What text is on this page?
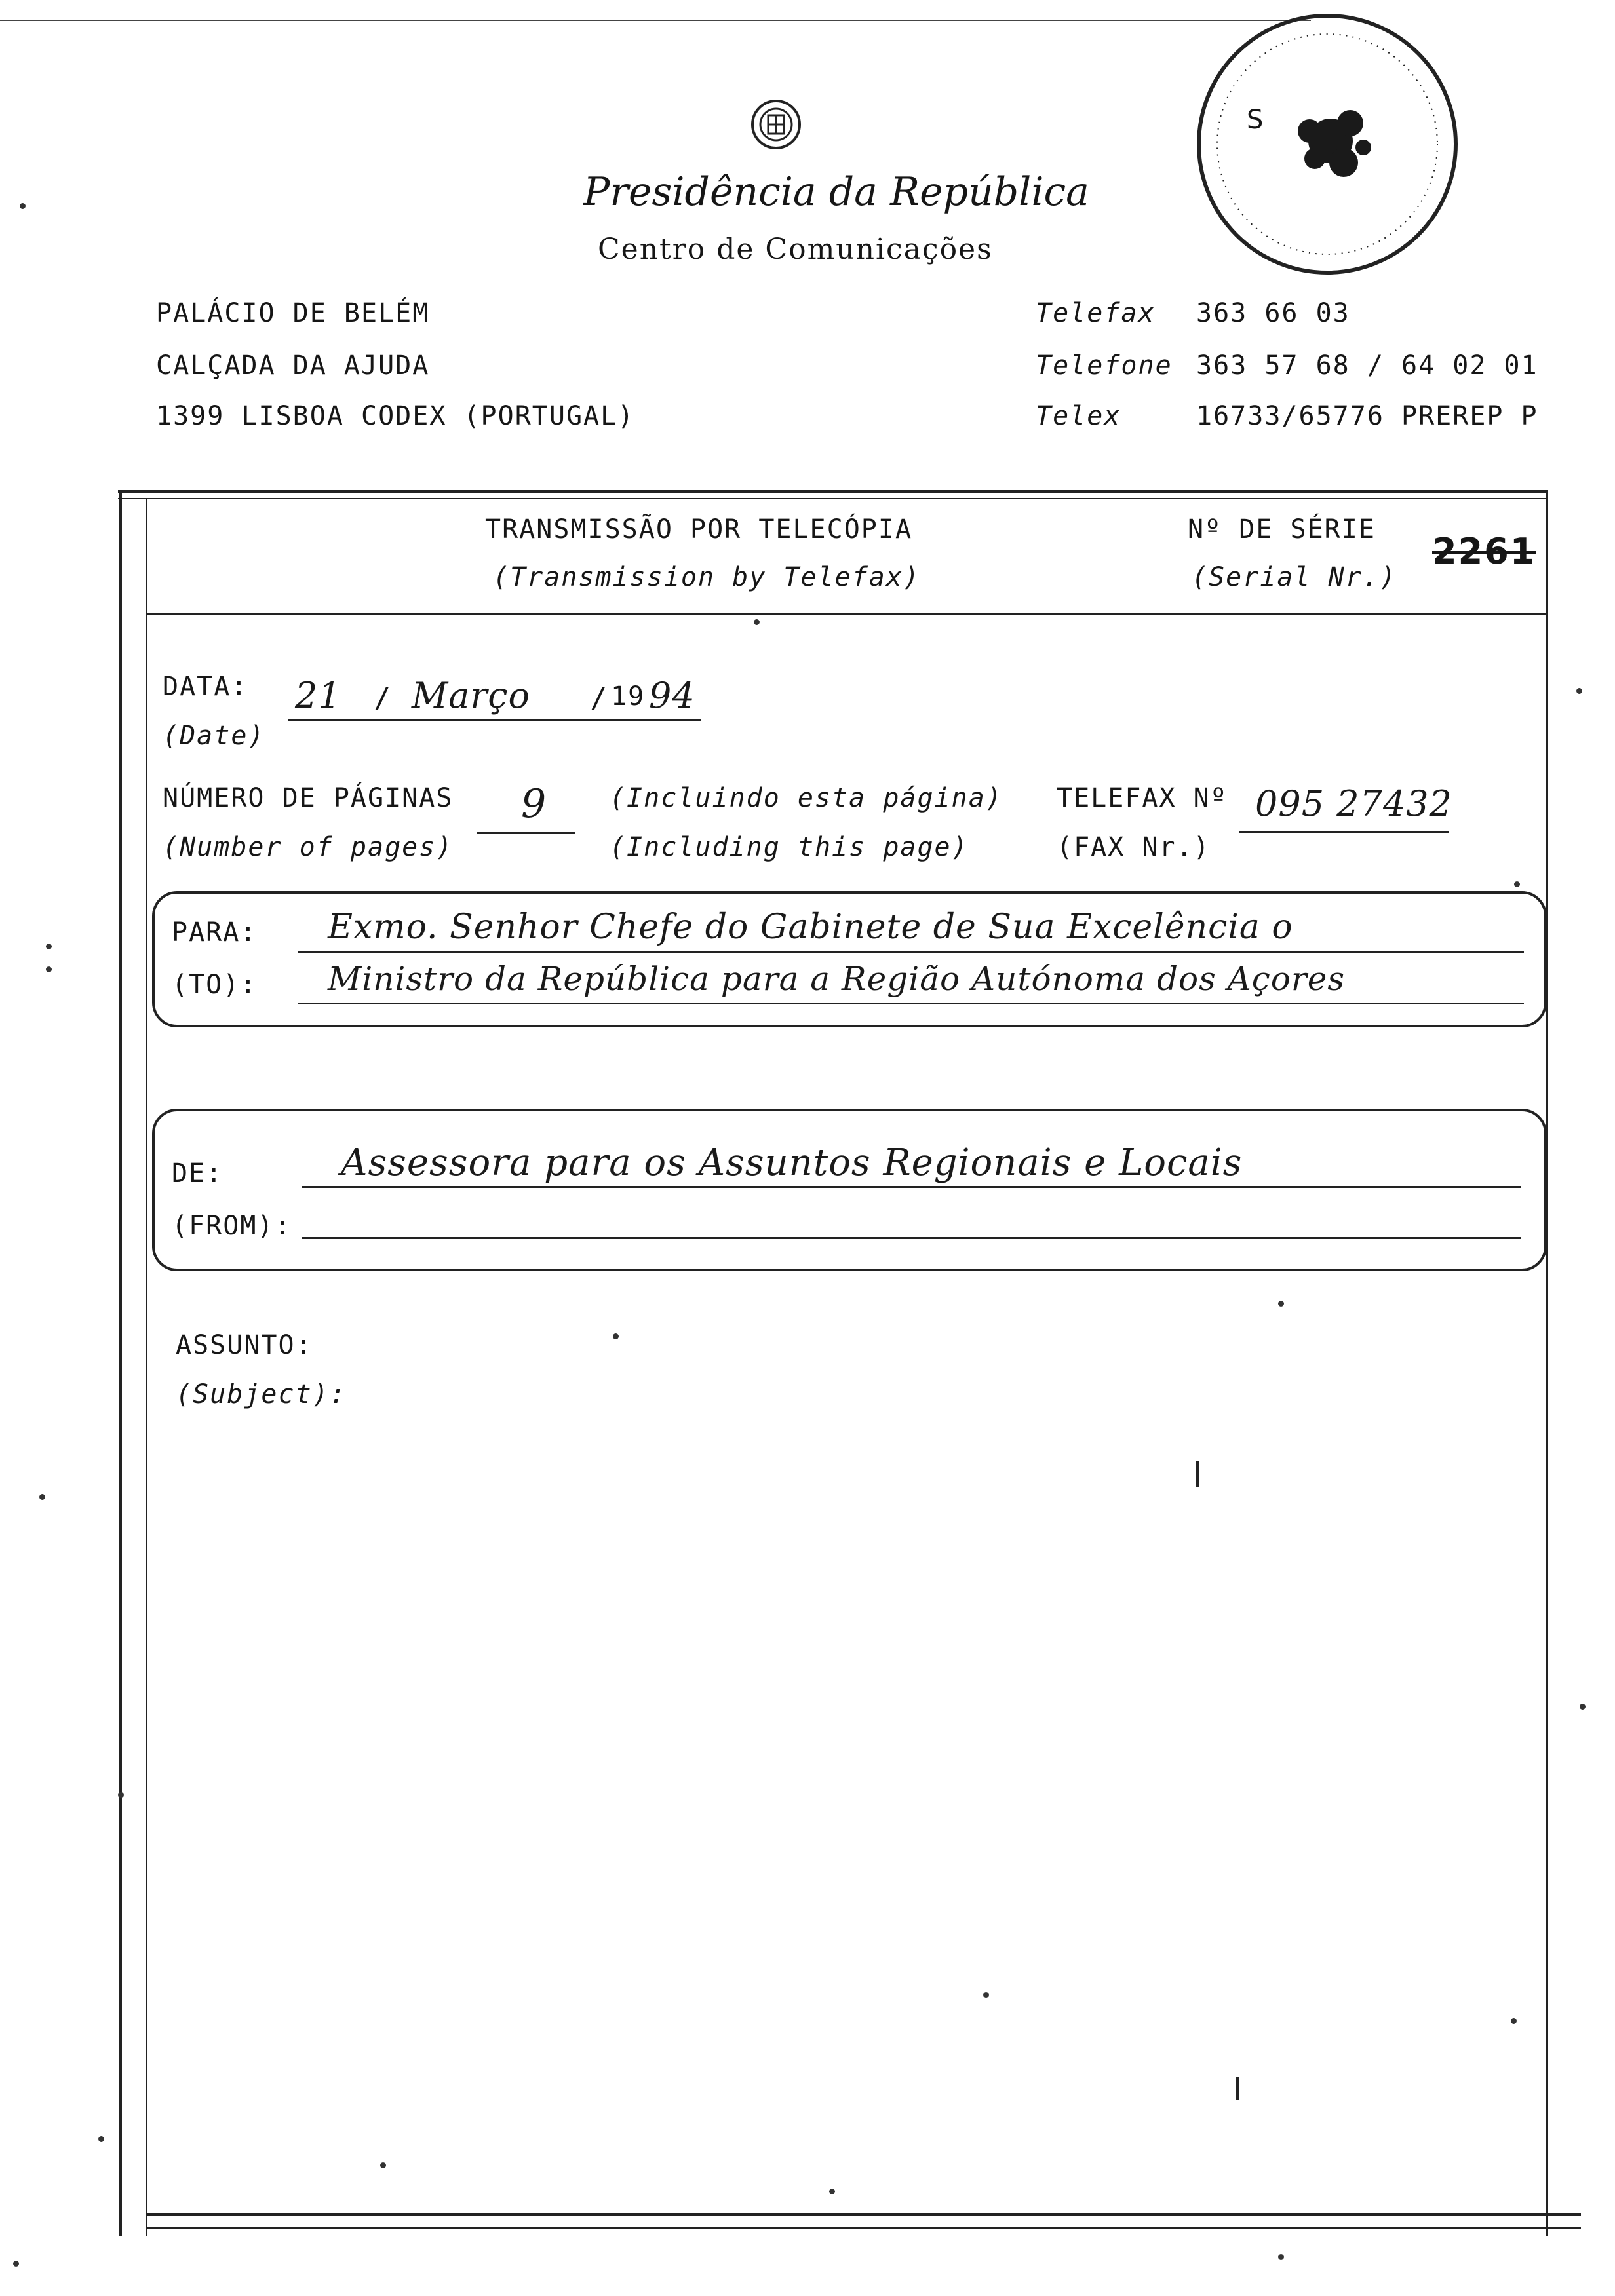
Presidência da República
Centro de Comunicações
S
PALÁCIO DE BELÉM
CALÇADA DA AJUDA
1399 LISBOA CODEX (PORTUGAL)
Telefax 363 66 03
Telefone 363 57 68 / 64 02 01
Telex	16733/65776 PREREP P
TRANSMISSÃO POR TELECÓPIA
(Transmission by Telefax)
Nº DE SÉRIE
(Serial Nr.)
2261
DATA:
(Date)
21 / Março / 19 94
NÚMERO DE PÁGINAS
(Number of pages)
9 (Incluindo esta página)
(Including this page)
TELEFAX Nº
(FAX Nr.)
095 27432
PARA:
(TO):
Exmo. Senhor Chefe do Gabinete de Sua Excelência o
Ministro da República para a Região Autónoma dos Açores
DE:
(FROM):
Assessora para os Assuntos Regionais e Locais
ASSUNTO:
(Subject):
